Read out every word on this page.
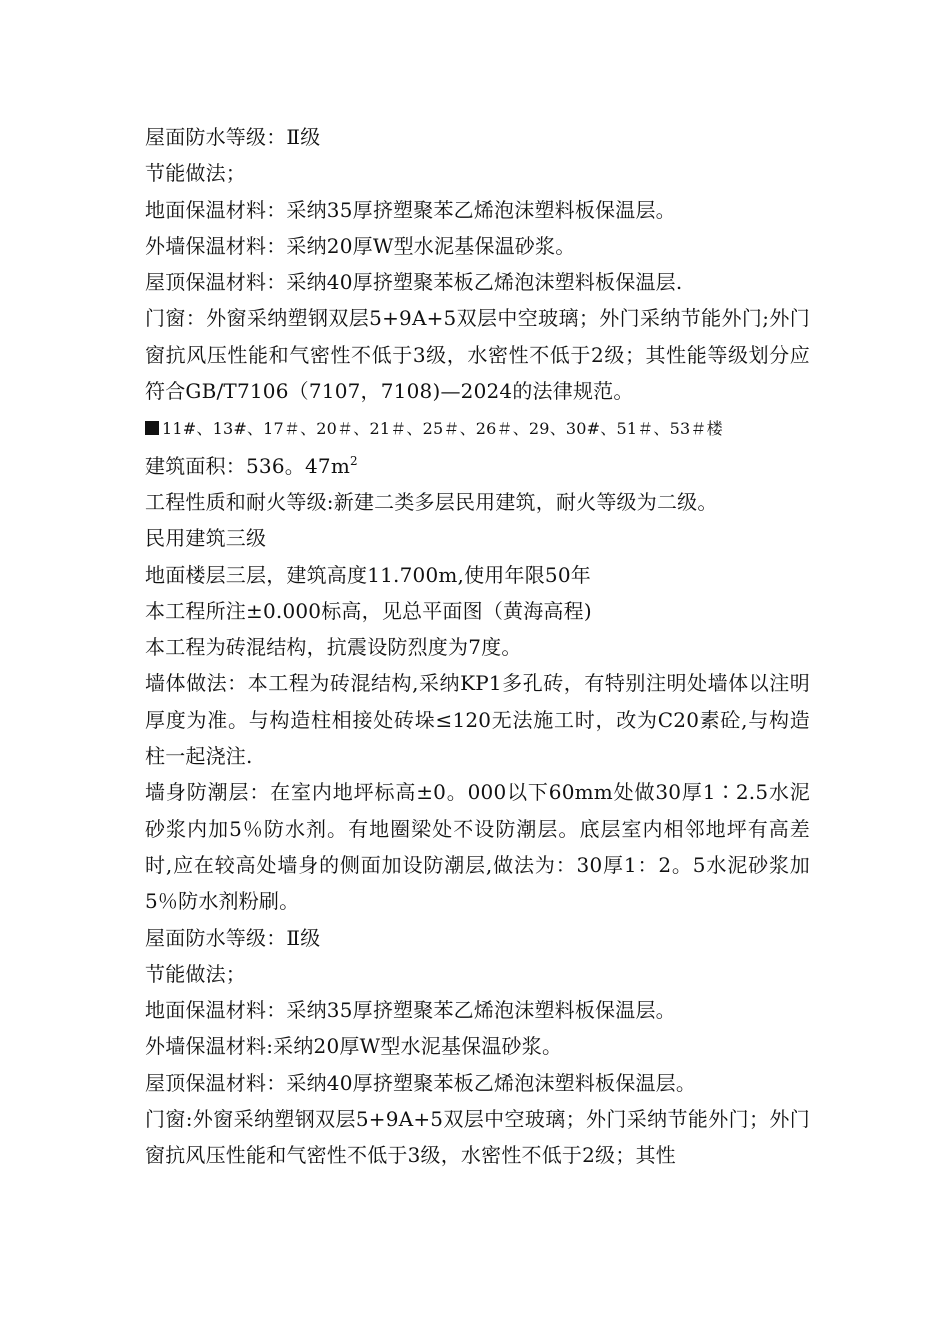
屋面防水等级：Ⅱ级

节能做法；

地面保温材料：采纳35厚挤塑聚苯乙烯泡沫塑料板保温层。

外墙保温材料：采纳20厚W型水泥基保温砂浆。

屋顶保温材料：采纳40厚挤塑聚苯板乙烯泡沫塑料板保温层.

门窗：外窗采纳塑钢双层5+9A+5双层中空玻璃；外门采纳节能外门;外门窗抗风压性能和气密性不低于3级，水密性不低于2级；其性能等级划分应符合GB/T7106（7107，7108)—2024的法律规范。

11#、13#、17＃、20＃、21＃、25＃、26＃、29、30#、51＃、53＃楼

建筑面积：536。$47m^2$

工程性质和耐火等级:新建二类多层民用建筑，耐火等级为二级。

民用建筑三级

地面楼层三层，建筑高度11.700m,使用年限50年

本工程所注±0.000标高，见总平面图（黄海高程)

本工程为砖混结构，抗震设防烈度为7度。

墙体做法：本工程为砖混结构,采纳KP1多孔砖，有特别注明处墙体以注明厚度为准。与构造柱相接处砖垛≤120无法施工时，改为C20素砼,与构造柱一起浇注.

墙身防潮层：在室内地坪标高±0。000以下60mm处做30厚1∶2.5水泥砂浆内加5％防水剂。有地圈梁处不设防潮层。底层室内相邻地坪有高差时,应在较高处墙身的侧面加设防潮层,做法为：30厚1：2。5水泥砂浆加5％防水剂粉刷。

屋面防水等级：Ⅱ级

节能做法；

地面保温材料：采纳35厚挤塑聚苯乙烯泡沫塑料板保温层。

外墙保温材料:采纳20厚W型水泥基保温砂浆。

屋顶保温材料：采纳40厚挤塑聚苯板乙烯泡沫塑料板保温层。

门窗:外窗采纳塑钢双层5+9A+5双层中空玻璃；外门采纳节能外门；外门窗抗风压性能和气密性不低于3级，水密性不低于2级；其性
